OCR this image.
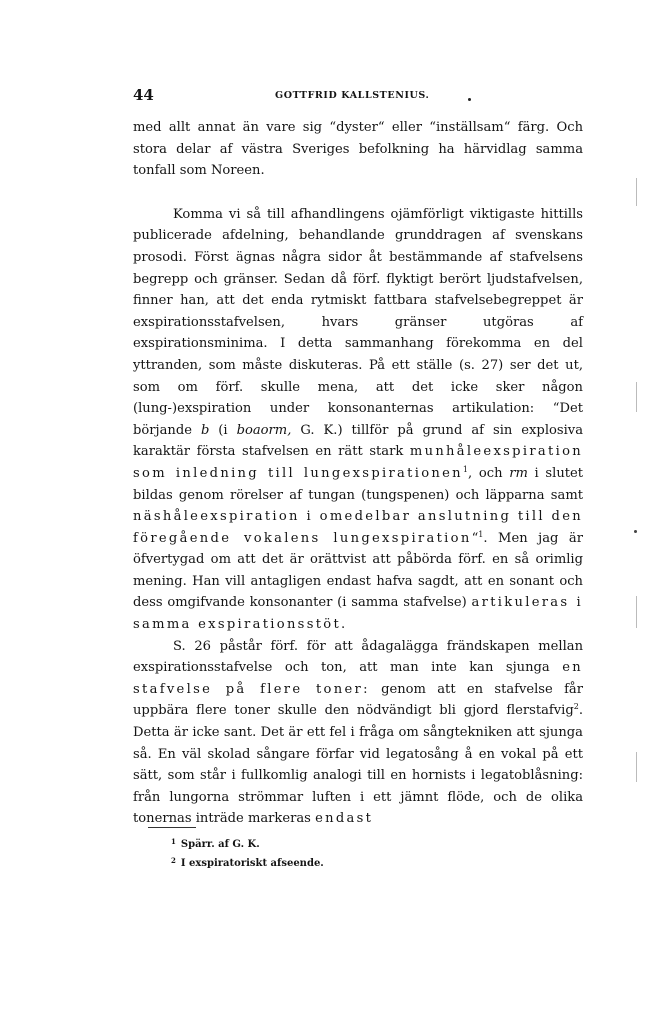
44	GOTTFRID KALLSTENIUS.

med allt annat än vare sig “dyster“ eller “inställsam“ färg. Och stora delar af västra Sveriges befolkning ha härvidlag samma tonfall som Noreen.

Komma vi så till afhandlingens ojämförligt viktigaste hittills publicerade afdelning, behandlande grunddragen af svenskans prosodi. Först ägnas några sidor åt bestämmande af stafvelsens begrepp och gränser. Sedan då förf. flyktigt berört ljudstafvelsen, finner han, att det enda rytmiskt fattbara stafvelsebegreppet är exspirationsstafvelsen, hvars gränser utgöras af exspirationsminima. I detta sammanhang förekomma en del yttranden, som måste diskuteras. På ett ställe (s. 27) ser det ut, som om förf. skulle mena, att det icke sker någon (lung-)exspiration under konsonanternas artikulation: “Det börjande b (i boaorm, G. K.) tillför på grund af sin explosiva karaktär första stafvelsen en rätt stark munhåleexspiration som inledning till lungexspirationen$^1$, och rm i slutet bildas genom rörelser af tungan (tungspenen) och läpparna samt näshåleexspiration i omedelbar anslutning till den föregående vokalens lungexspiration“$^1$. Men jag är öfvertygad om att det är orättvist att påbörda förf. en så orimlig mening. Han vill antagligen endast hafva sagdt, att en sonant och dess omgifvande konsonanter (i samma stafvelse) artikuleras i samma exspirationsstöt.

S. 26 påstår förf. för att ådagalägga frändskapen mellan exspirationsstafvelse och ton, att man inte kan sjunga en stafvelse på flere toner: genom att en stafvelse får uppbära flere toner skulle den nödvändigt bli gjord flerstafvig$^2$. Detta är icke sant. Det är ett fel i fråga om sångtekniken att sjunga så. En väl skolad sångare förfar vid legatosång å en vokal på ett sätt, som står i fullkomlig analogi till en hornists i legatoblåsning: från lungorna strömmar luften i ett jämnt flöde, och de olika tonernas inträde markeras endast

$^1$ Spärr. af G. K.
$^2$ I exspiratoriskt afseende.
